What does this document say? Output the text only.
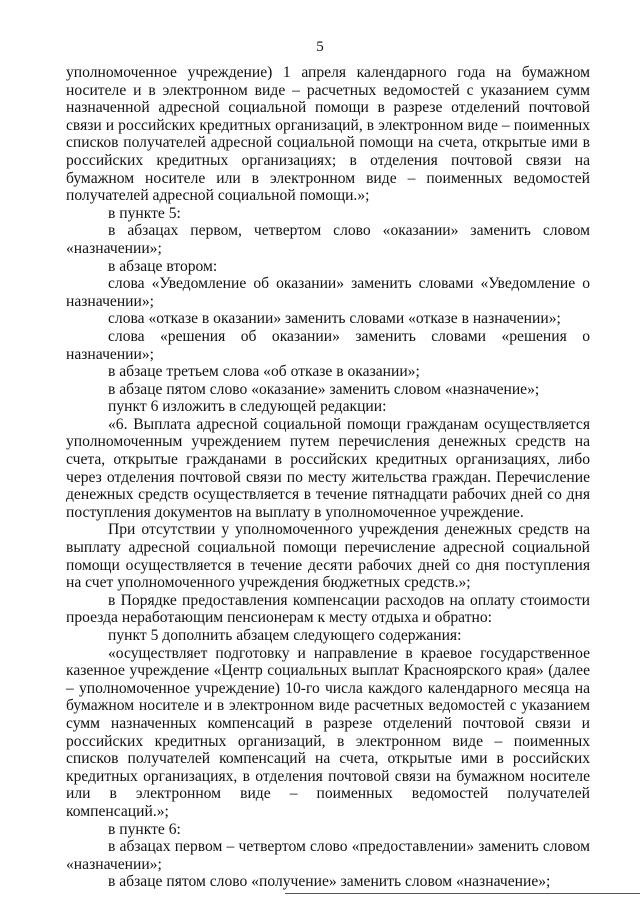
5

уполномоченное учреждение) 1 апреля календарного года на бумажном носителе и в электронном виде – расчетных ведомостей с указанием сумм назначенной адресной социальной помощи в разрезе отделений почтовой связи и российских кредитных организаций, в электронном виде – поименных списков получателей адресной социальной помощи на счета, открытые ими в российских кредитных организациях; в отделения почтовой связи на бумажном носителе или в электронном виде – поименных ведомостей получателей адресной социальной помощи.»;

в пункте 5:

в абзацах первом, четвертом слово «оказании» заменить словом «назначении»;

в абзаце втором:

слова «Уведомление об оказании» заменить словами «Уведомление о назначении»;

слова «отказе в оказании» заменить словами «отказе в назначении»;

слова «решения об оказании» заменить словами «решения о назначении»;

в абзаце третьем слова «об отказе в оказании»;

в абзаце пятом слово «оказание» заменить словом «назначение»;

пункт 6 изложить в следующей редакции:

«6. Выплата адресной социальной помощи гражданам осуществляется уполномоченным учреждением путем перечисления денежных средств на счета, открытые гражданами в российских кредитных организациях, либо через отделения почтовой связи по месту жительства граждан. Перечисление денежных средств осуществляется в течение пятнадцати рабочих дней со дня поступления документов на выплату в уполномоченное учреждение.

При отсутствии у уполномоченного учреждения денежных средств на выплату адресной социальной помощи перечисление адресной социальной помощи осуществляется в течение десяти рабочих дней со дня поступления на счет уполномоченного учреждения бюджетных средств.»;

в Порядке предоставления компенсации расходов на оплату стоимости проезда неработающим пенсионерам к месту отдыха и обратно:

пункт 5 дополнить абзацем следующего содержания:

«осуществляет подготовку и направление в краевое государственное казенное учреждение «Центр социальных выплат Красноярского края» (далее – уполномоченное учреждение) 10-го числа каждого календарного месяца на бумажном носителе и в электронном виде расчетных ведомостей с указанием сумм назначенных компенсаций в разрезе отделений почтовой связи и российских кредитных организаций, в электронном виде – поименных списков получателей компенсаций на счета, открытые ими в российских кредитных организациях, в отделения почтовой связи на бумажном носителе или в электронном виде – поименных ведомостей получателей компенсаций.»;

в пункте 6:

в абзацах первом – четвертом слово «предоставлении» заменить словом «назначении»;

в абзаце пятом слово «получение» заменить словом «назначение»;
